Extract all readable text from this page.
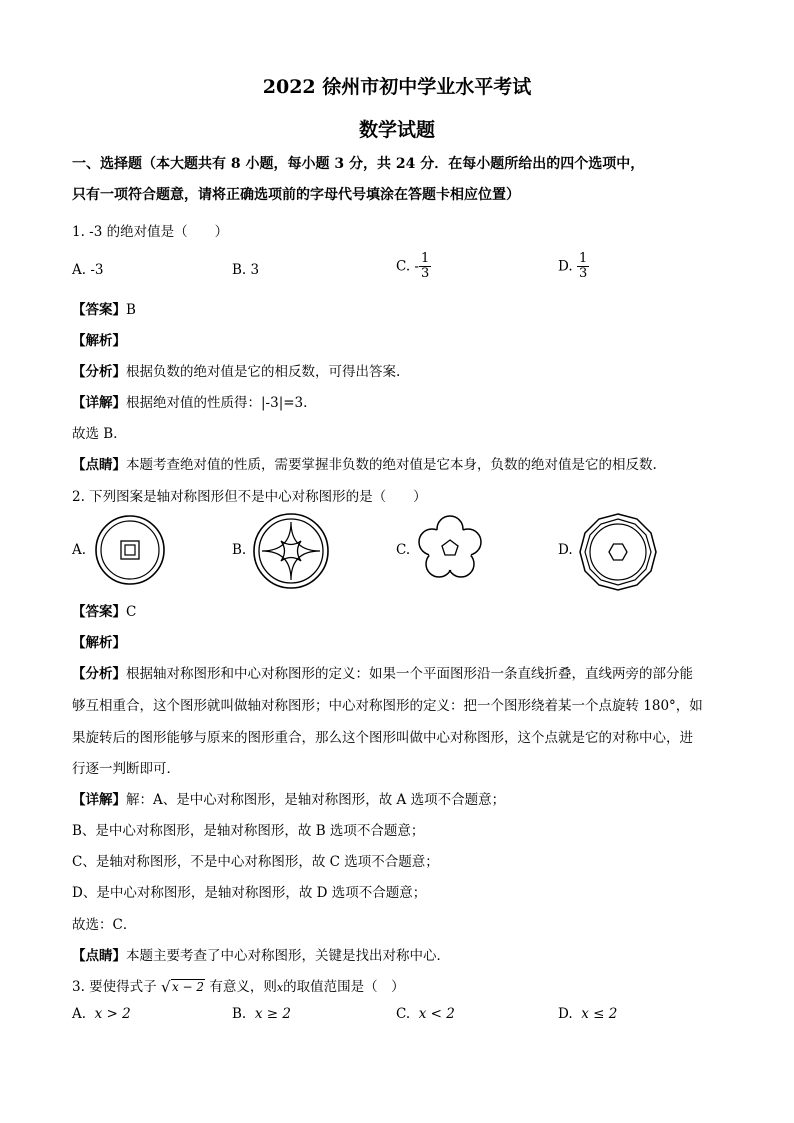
2022 徐州市初中学业水平考试
数学试题
一、选择题（本大题共有 8 小题，每小题 3 分，共 24 分．在每小题所给出的四个选项中，
只有一项符合题意，请将正确选项前的字母代号填涂在答题卡相应位置）
1. -3 的绝对值是（　　）
A. -3	B. 3	C. - $\frac{1}{3}$	D. $\frac{1}{3}$
【答案】B
【解析】
【分析】根据负数的绝对值是它的相反数，可得出答案.
【详解】根据绝对值的性质得：|-3|=3.
故选 B．
【点睛】本题考查绝对值的性质，需要掌握非负数的绝对值是它本身，负数的绝对值是它的相反数.
2. 下列图案是轴对称图形但不是中心对称图形的是（　　）
A.	B.	C.	D.
【答案】C
【解析】
【分析】根据轴对称图形和中心对称图形的定义：如果一个平面图形沿一条直线折叠，直线两旁的部分能
够互相重合，这个图形就叫做轴对称图形；中心对称图形的定义：把一个图形绕着某一个点旋转 180°，如
果旋转后的图形能够与原来的图形重合，那么这个图形叫做中心对称图形，这个点就是它的对称中心，进
行逐一判断即可．
【详解】解：A、是中心对称图形，是轴对称图形，故 A 选项不合题意；
B、是中心对称图形，是轴对称图形，故 B 选项不合题意；
C、是轴对称图形，不是中心对称图形，故 C 选项不合题意；
D、是中心对称图形，是轴对称图形，故 D 选项不合题意；
故选：C．
【点睛】本题主要考查了中心对称图形，关键是找出对称中心．
3. 要使得式子 √ x − 2 有意义，则x的取值范围是（　）
A. x > 2	B. x ≥ 2	C. x < 2	D. x ≤ 2
